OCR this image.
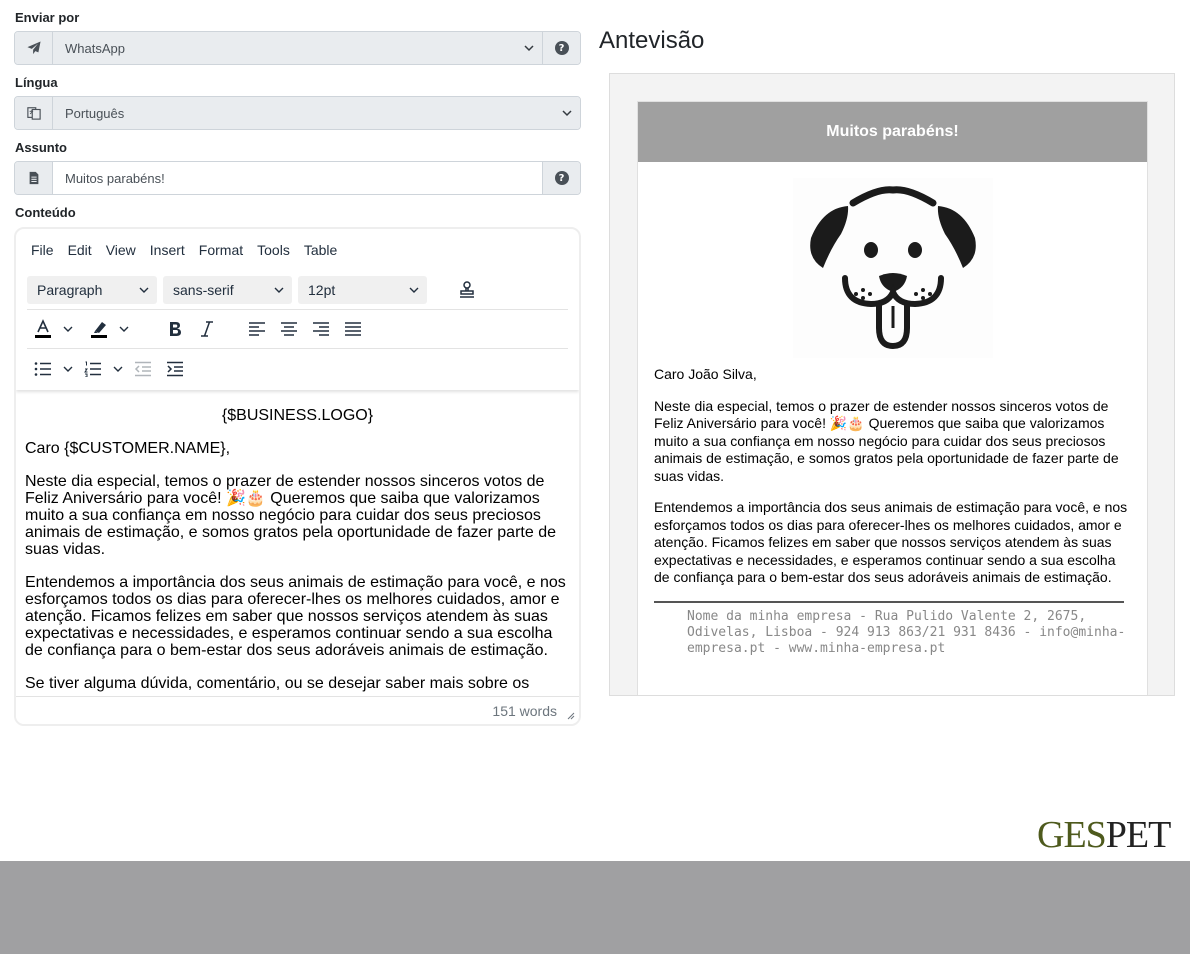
Enviar por
WhatsApp	?
Língua
Português
Assunto
Muitos parabéns!	?
Conteúdo
File	Edit	View	Insert	Format	Tools	Table
Paragraph	sans-serif	12pt

{$BUSINESS.LOGO}

Caro {$CUSTOMER.NAME},

Neste dia especial, temos o prazer de estender nossos sinceros votos de Feliz Aniversário para você! 🎉🎂 Queremos que saiba que valorizamos muito a sua confiança em nosso negócio para cuidar dos seus preciosos animais de estimação, e somos gratos pela oportunidade de fazer parte de suas vidas.

Entendemos a importância dos seus animais de estimação para você, e nos esforçamos todos os dias para oferecer-lhes os melhores cuidados, amor e atenção. Ficamos felizes em saber que nossos serviços atendem às suas expectativas e necessidades, e esperamos continuar sendo a sua escolha de confiança para o bem-estar dos seus adoráveis animais de estimação.

Se tiver alguma dúvida, comentário, ou se desejar saber mais sobre os

151 words
Antevisão
Muitos parabéns!

Caro João Silva,

Neste dia especial, temos o prazer de estender nossos sinceros votos de Feliz Aniversário para você! 🎉🎂 Queremos que saiba que valorizamos muito a sua confiança em nosso negócio para cuidar dos seus preciosos animais de estimação, e somos gratos pela oportunidade de fazer parte de suas vidas.

Entendemos a importância dos seus animais de estimação para você, e nos esforçamos todos os dias para oferecer-lhes os melhores cuidados, amor e atenção. Ficamos felizes em saber que nossos serviços atendem às suas expectativas e necessidades, e esperamos continuar sendo a sua escolha de confiança para o bem-estar dos seus adoráveis animais de estimação.

Nome da minha empresa - Rua Pulido Valente 2, 2675, Odivelas, Lisboa - 924 913 863/21 931 8436 - info@minha-empresa.pt - www.minha-empresa.pt
GESPET
